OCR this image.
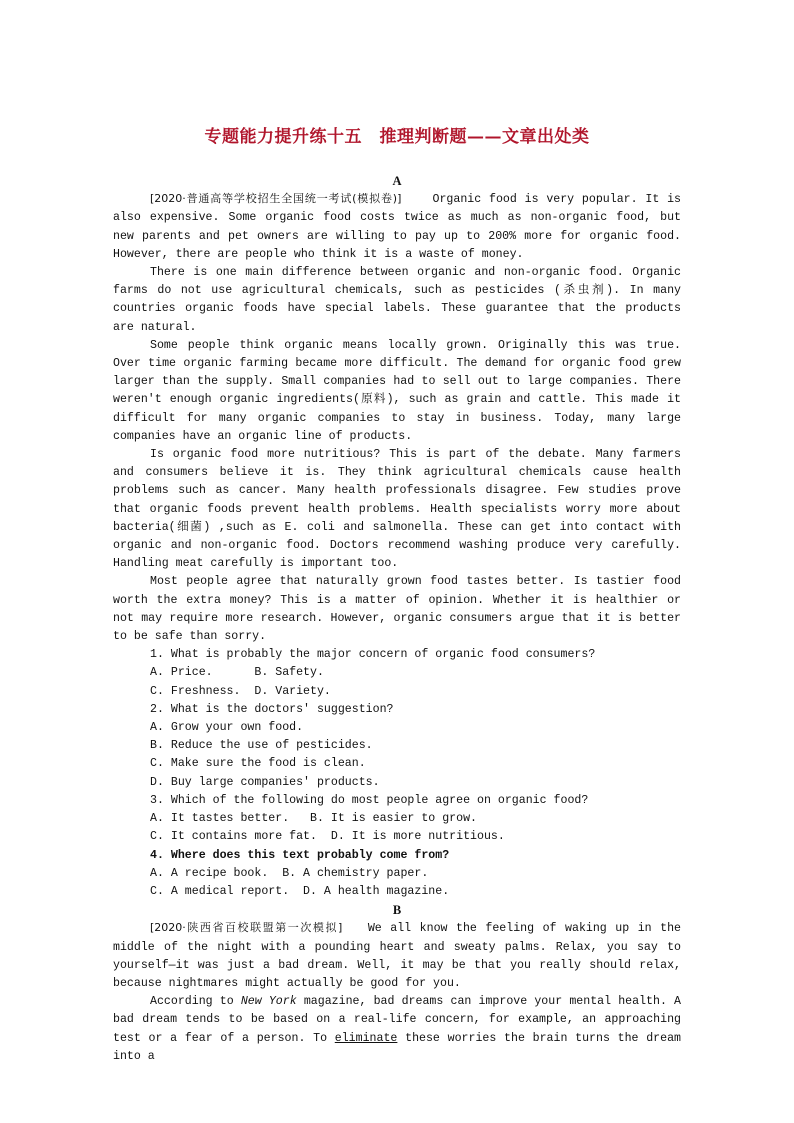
专题能力提升练十五　推理判断题——文章出处类
A

[2020·普通高等学校招生全国统一考试(模拟卷)]	Organic food is very popular. It is also expensive. Some organic food costs twice as much as non-organic food, but new parents and pet owners are willing to pay up to 200% more for organic food. However, there are people who think it is a waste of money.

There is one main difference between organic and non-organic food. Organic farms do not use agricultural chemicals, such as pesticides (杀虫剂). In many countries organic foods have special labels. These guarantee that the products are natural.

Some people think organic means locally grown. Originally this was true. Over time organic farming became more difficult. The demand for organic food grew larger than the supply. Small companies had to sell out to large companies. There weren't enough organic ingredients(原料), such as grain and cattle. This made it difficult for many organic companies to stay in business. Today, many large companies have an organic line of products.

Is organic food more nutritious? This is part of the debate. Many farmers and consumers believe it is. They think agricultural chemicals cause health problems such as cancer. Many health professionals disagree. Few studies prove that organic foods prevent health problems. Health specialists worry more about bacteria(细菌) ,such as E. coli and salmonella. These can get into contact with organic and non-organic food. Doctors recommend washing produce very carefully. Handling meat carefully is important too.

Most people agree that naturally grown food tastes better. Is tastier food worth the extra money? This is a matter of opinion. Whether it is healthier or not may require more research. However, organic consumers argue that it is better to be safe than sorry.

1. What is probably the major concern of organic food consumers?

A. Price.      B. Safety.

C. Freshness.  D. Variety.

2. What is the doctors' suggestion?

A. Grow your own food.

B. Reduce the use of pesticides.

C. Make sure the food is clean.

D. Buy large companies' products.

3. Which of the following do most people agree on organic food?

A. It tastes better.   B. It is easier to grow.

C. It contains more fat.  D. It is more nutritious.

4. Where does this text probably come from?

A. A recipe book.  B. A chemistry paper.

C. A medical report.  D. A health magazine.

B

[2020·陕西省百校联盟第一次模拟] We all know the feeling of waking up in the middle of the night with a pounding heart and sweaty palms. Relax, you say to yourself—it was just a bad dream. Well, it may be that you really should relax, because nightmares might actually be good for you.

According to New York magazine, bad dreams can improve your mental health. A bad dream tends to be based on a real-life concern, for example, an approaching test or a fear of a person. To eliminate these worries the brain turns the dream into a
